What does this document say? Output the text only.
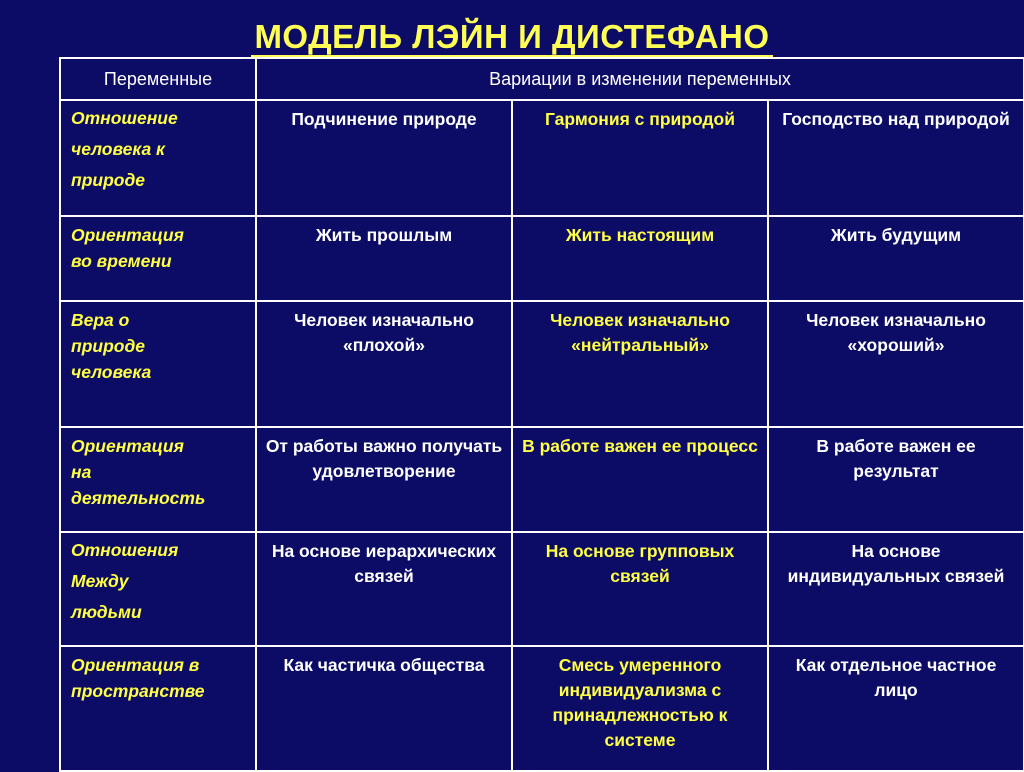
МОДЕЛЬ ЛЭЙН И ДИСТЕФАНО
Переменные	Вариации в изменении переменных		

Отношение
человека к
природе	Подчинение природе	Гармония с природой	Господство над природой

Ориентация
во времени	Жить прошлым	Жить настоящим	Жить будущим

Вера о
природе
человека	Человек изначально «плохой»	Человек изначально «нейтральный»	Человек изначально «хороший»

Ориентация
на
деятельность	От работы важно получать удовлетворение	В работе важен ее процесс	В работе важен ее результат

Отношения
Между
людьми	На основе иерархических связей	На основе групповых связей	На основе индивидуальных связей

Ориентация в
пространстве	Как частичка общества	Смесь умеренного индивидуализма с принадлежностью к системе	Как отдельное частное лицо
